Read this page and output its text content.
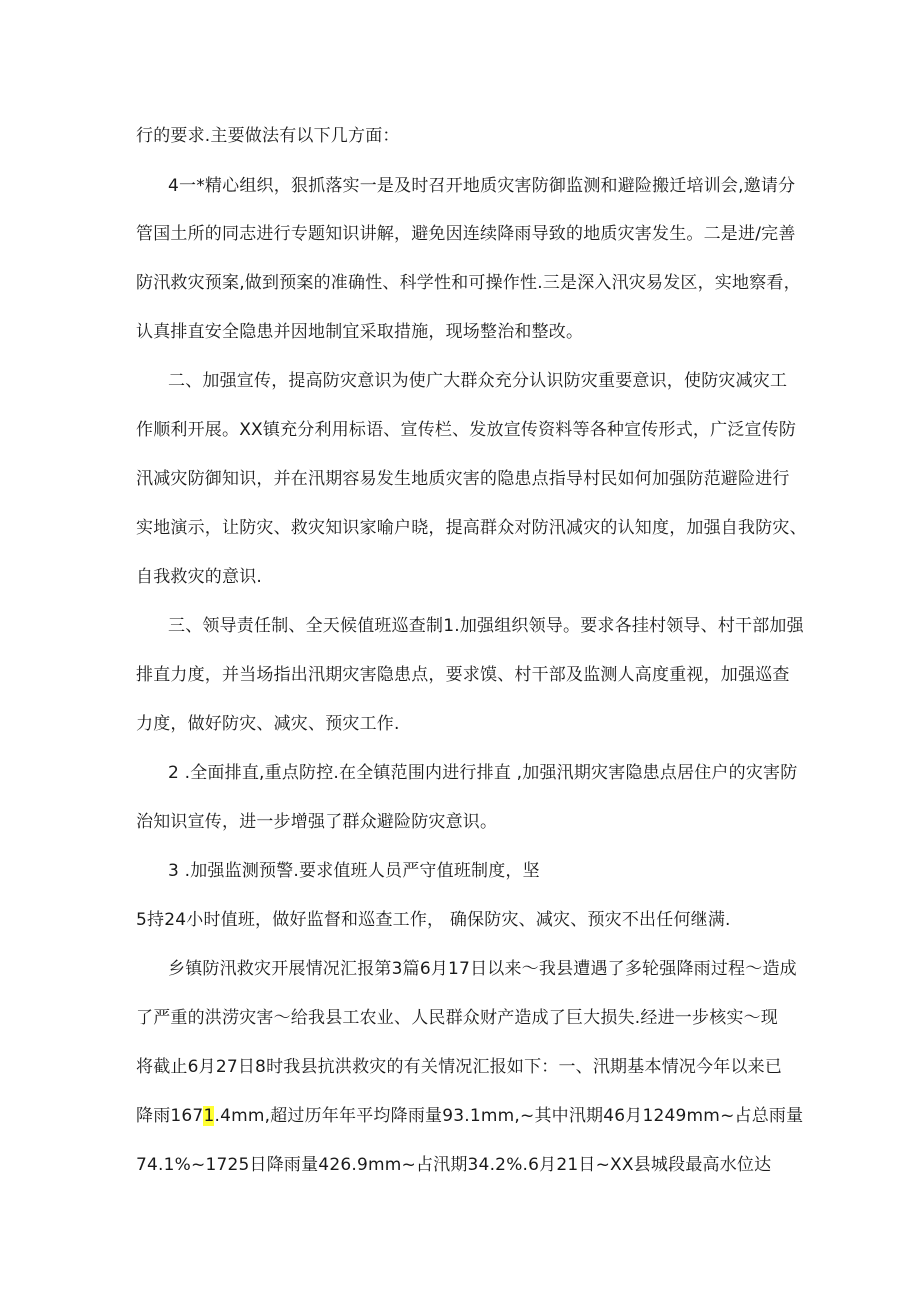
行的要求.主要做法有以下几方面：
4一*精心组织，狠抓落实一是及时召开地质灾害防御监测和避险搬迁培训会,邀请分
管国土所的同志进行专题知识讲解，避免因连续降雨导致的地质灾害发生。二是进/完善
防汛救灾预案,做到预案的准确性、科学性和可操作性.三是深入汛灾易发区，实地察看，
认真排直安全隐患并因地制宜采取措施，现场整治和整改。
二、加强宣传，提高防灾意识为使广大群众充分认识防灾重要意识，使防灾减灾工
作顺利开展。XX镇充分利用标语、宣传栏、发放宣传资料等各种宣传形式，广泛宣传防
汛减灾防御知识，并在汛期容易发生地质灾害的隐患点指导村民如何加强防范避险进行
实地演示，让防灾、救灾知识家喻户晓，提高群众对防汛减灾的认知度，加强自我防灾、
自我救灾的意识.
三、领导责任制、全天候值班巡查制1.加强组织领导。要求各挂村领导、村干部加强
排直力度，并当场指出汛期灾害隐患点，要求馍、村干部及监测人高度重视，加强巡查
力度，做好防灾、减灾、预灾工作.
2 .全面排直,重点防控.在全镇范围内进行排直 ,加强汛期灾害隐患点居住户的灾害防
治知识宣传，进一步增强了群众避险防灾意识。
3 .加强监测预警.要求值班人员严守值班制度，坚
5持24小时值班，做好监督和巡查工作， 确保防灾、减灾、预灾不出任何继满.
乡镇防汛救灾开展情况汇报第3篇6月17日以来〜我县遭遇了多轮强降雨过程〜造成
了严重的洪涝灾害〜给我县工农业、人民群众财产造成了巨大损失.经进一步核实〜现
将截止6月27日8时我县抗洪救灾的有关情况汇报如下：一、汛期基本情况今年以来已
降雨1671.4mm,超过历年年平均降雨量93.1mm,~其中汛期46月1249mm~占总雨量
74.1%~1725日降雨量426.9mm~占汛期34.2%.6月21日~XX县城段最高水位达
